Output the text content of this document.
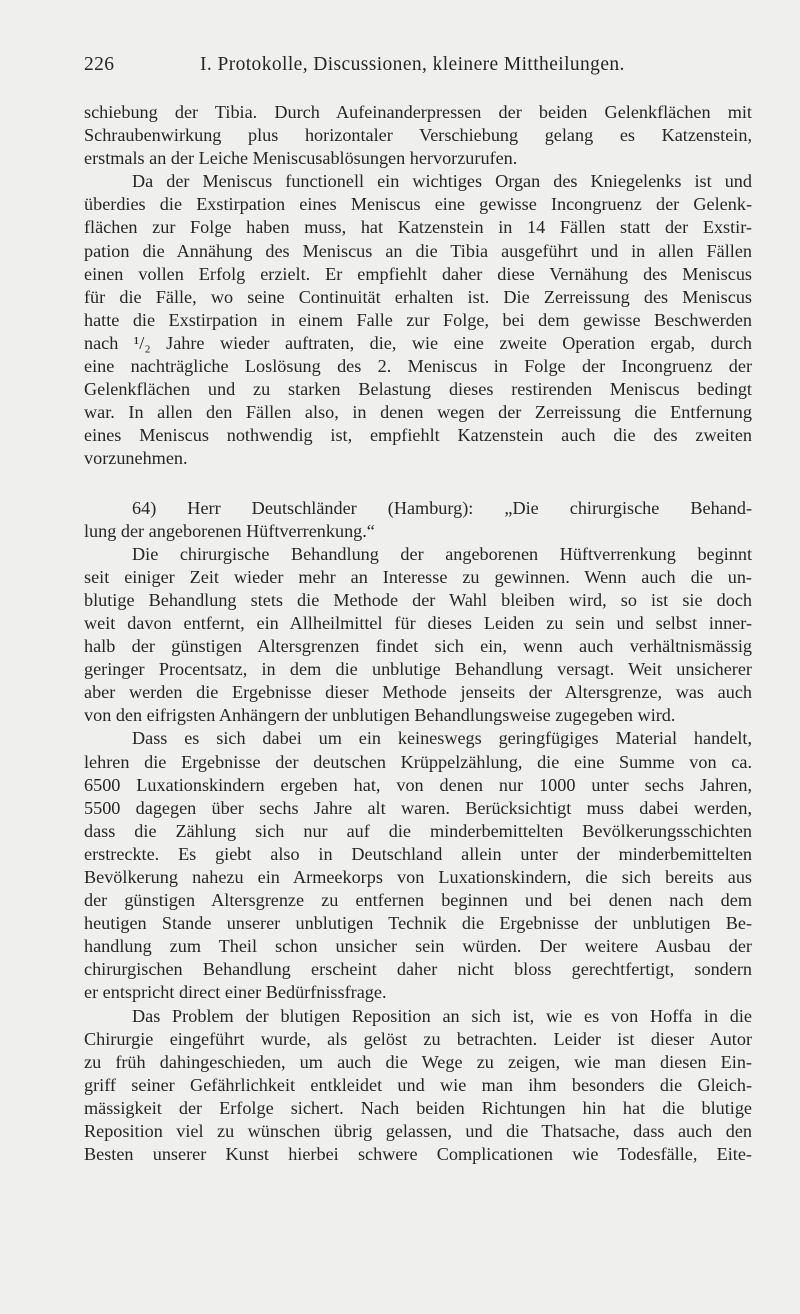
226	I. Protokolle, Discussionen, kleinere Mittheilungen.
schiebung der Tibia. Durch Aufeinanderpressen der beiden Gelenkflächen mit
Schraubenwirkung plus horizontaler Verschiebung gelang es Katzenstein,
erstmals an der Leiche Meniscusablösungen hervorzurufen.
Da der Meniscus functionell ein wichtiges Organ des Kniegelenks ist und
überdies die Exstirpation eines Meniscus eine gewisse Incongruenz der Gelenk-
flächen zur Folge haben muss, hat Katzenstein in 14 Fällen statt der Exstir-
pation die Annähung des Meniscus an die Tibia ausgeführt und in allen Fällen
einen vollen Erfolg erzielt. Er empfiehlt daher diese Vernähung des Meniscus
für die Fälle, wo seine Continuität erhalten ist. Die Zerreissung des Meniscus
hatte die Exstirpation in einem Falle zur Folge, bei dem gewisse Beschwerden
nach ¹/₂ Jahre wieder auftraten, die, wie eine zweite Operation ergab, durch
eine nachträgliche Loslösung des 2. Meniscus in Folge der Incongruenz der
Gelenkflächen und zu starken Belastung dieses restirenden Meniscus bedingt
war. In allen den Fällen also, in denen wegen der Zerreissung die Entfernung
eines Meniscus nothwendig ist, empfiehlt Katzenstein auch die des zweiten
vorzunehmen.
64) Herr Deutschländer (Hamburg): „Die chirurgische Behand-
lung der angeborenen Hüftverrenkung.“
Die chirurgische Behandlung der angeborenen Hüftverrenkung beginnt
seit einiger Zeit wieder mehr an Interesse zu gewinnen. Wenn auch die un-
blutige Behandlung stets die Methode der Wahl bleiben wird, so ist sie doch
weit davon entfernt, ein Allheilmittel für dieses Leiden zu sein und selbst inner-
halb der günstigen Altersgrenzen findet sich ein, wenn auch verhältnismässig
geringer Procentsatz, in dem die unblutige Behandlung versagt. Weit unsicherer
aber werden die Ergebnisse dieser Methode jenseits der Altersgrenze, was auch
von den eifrigsten Anhängern der unblutigen Behandlungsweise zugegeben wird.
Dass es sich dabei um ein keineswegs geringfügiges Material handelt,
lehren die Ergebnisse der deutschen Krüppelzählung, die eine Summe von ca.
6500 Luxationskindern ergeben hat, von denen nur 1000 unter sechs Jahren,
5500 dagegen über sechs Jahre alt waren. Berücksichtigt muss dabei werden,
dass die Zählung sich nur auf die minderbemittelten Bevölkerungsschichten
erstreckte. Es giebt also in Deutschland allein unter der minderbemittelten
Bevölkerung nahezu ein Armeekorps von Luxationskindern, die sich bereits aus
der günstigen Altersgrenze zu entfernen beginnen und bei denen nach dem
heutigen Stande unserer unblutigen Technik die Ergebnisse der unblutigen Be-
handlung zum Theil schon unsicher sein würden. Der weitere Ausbau der
chirurgischen Behandlung erscheint daher nicht bloss gerechtfertigt, sondern
er entspricht direct einer Bedürfnissfrage.
Das Problem der blutigen Reposition an sich ist, wie es von Hoffa in die
Chirurgie eingeführt wurde, als gelöst zu betrachten. Leider ist dieser Autor
zu früh dahingeschieden, um auch die Wege zu zeigen, wie man diesen Ein-
griff seiner Gefährlichkeit entkleidet und wie man ihm besonders die Gleich-
mässigkeit der Erfolge sichert. Nach beiden Richtungen hin hat die blutige
Reposition viel zu wünschen übrig gelassen, und die Thatsache, dass auch den
Besten unserer Kunst hierbei schwere Complicationen wie Todesfälle, Eite-
